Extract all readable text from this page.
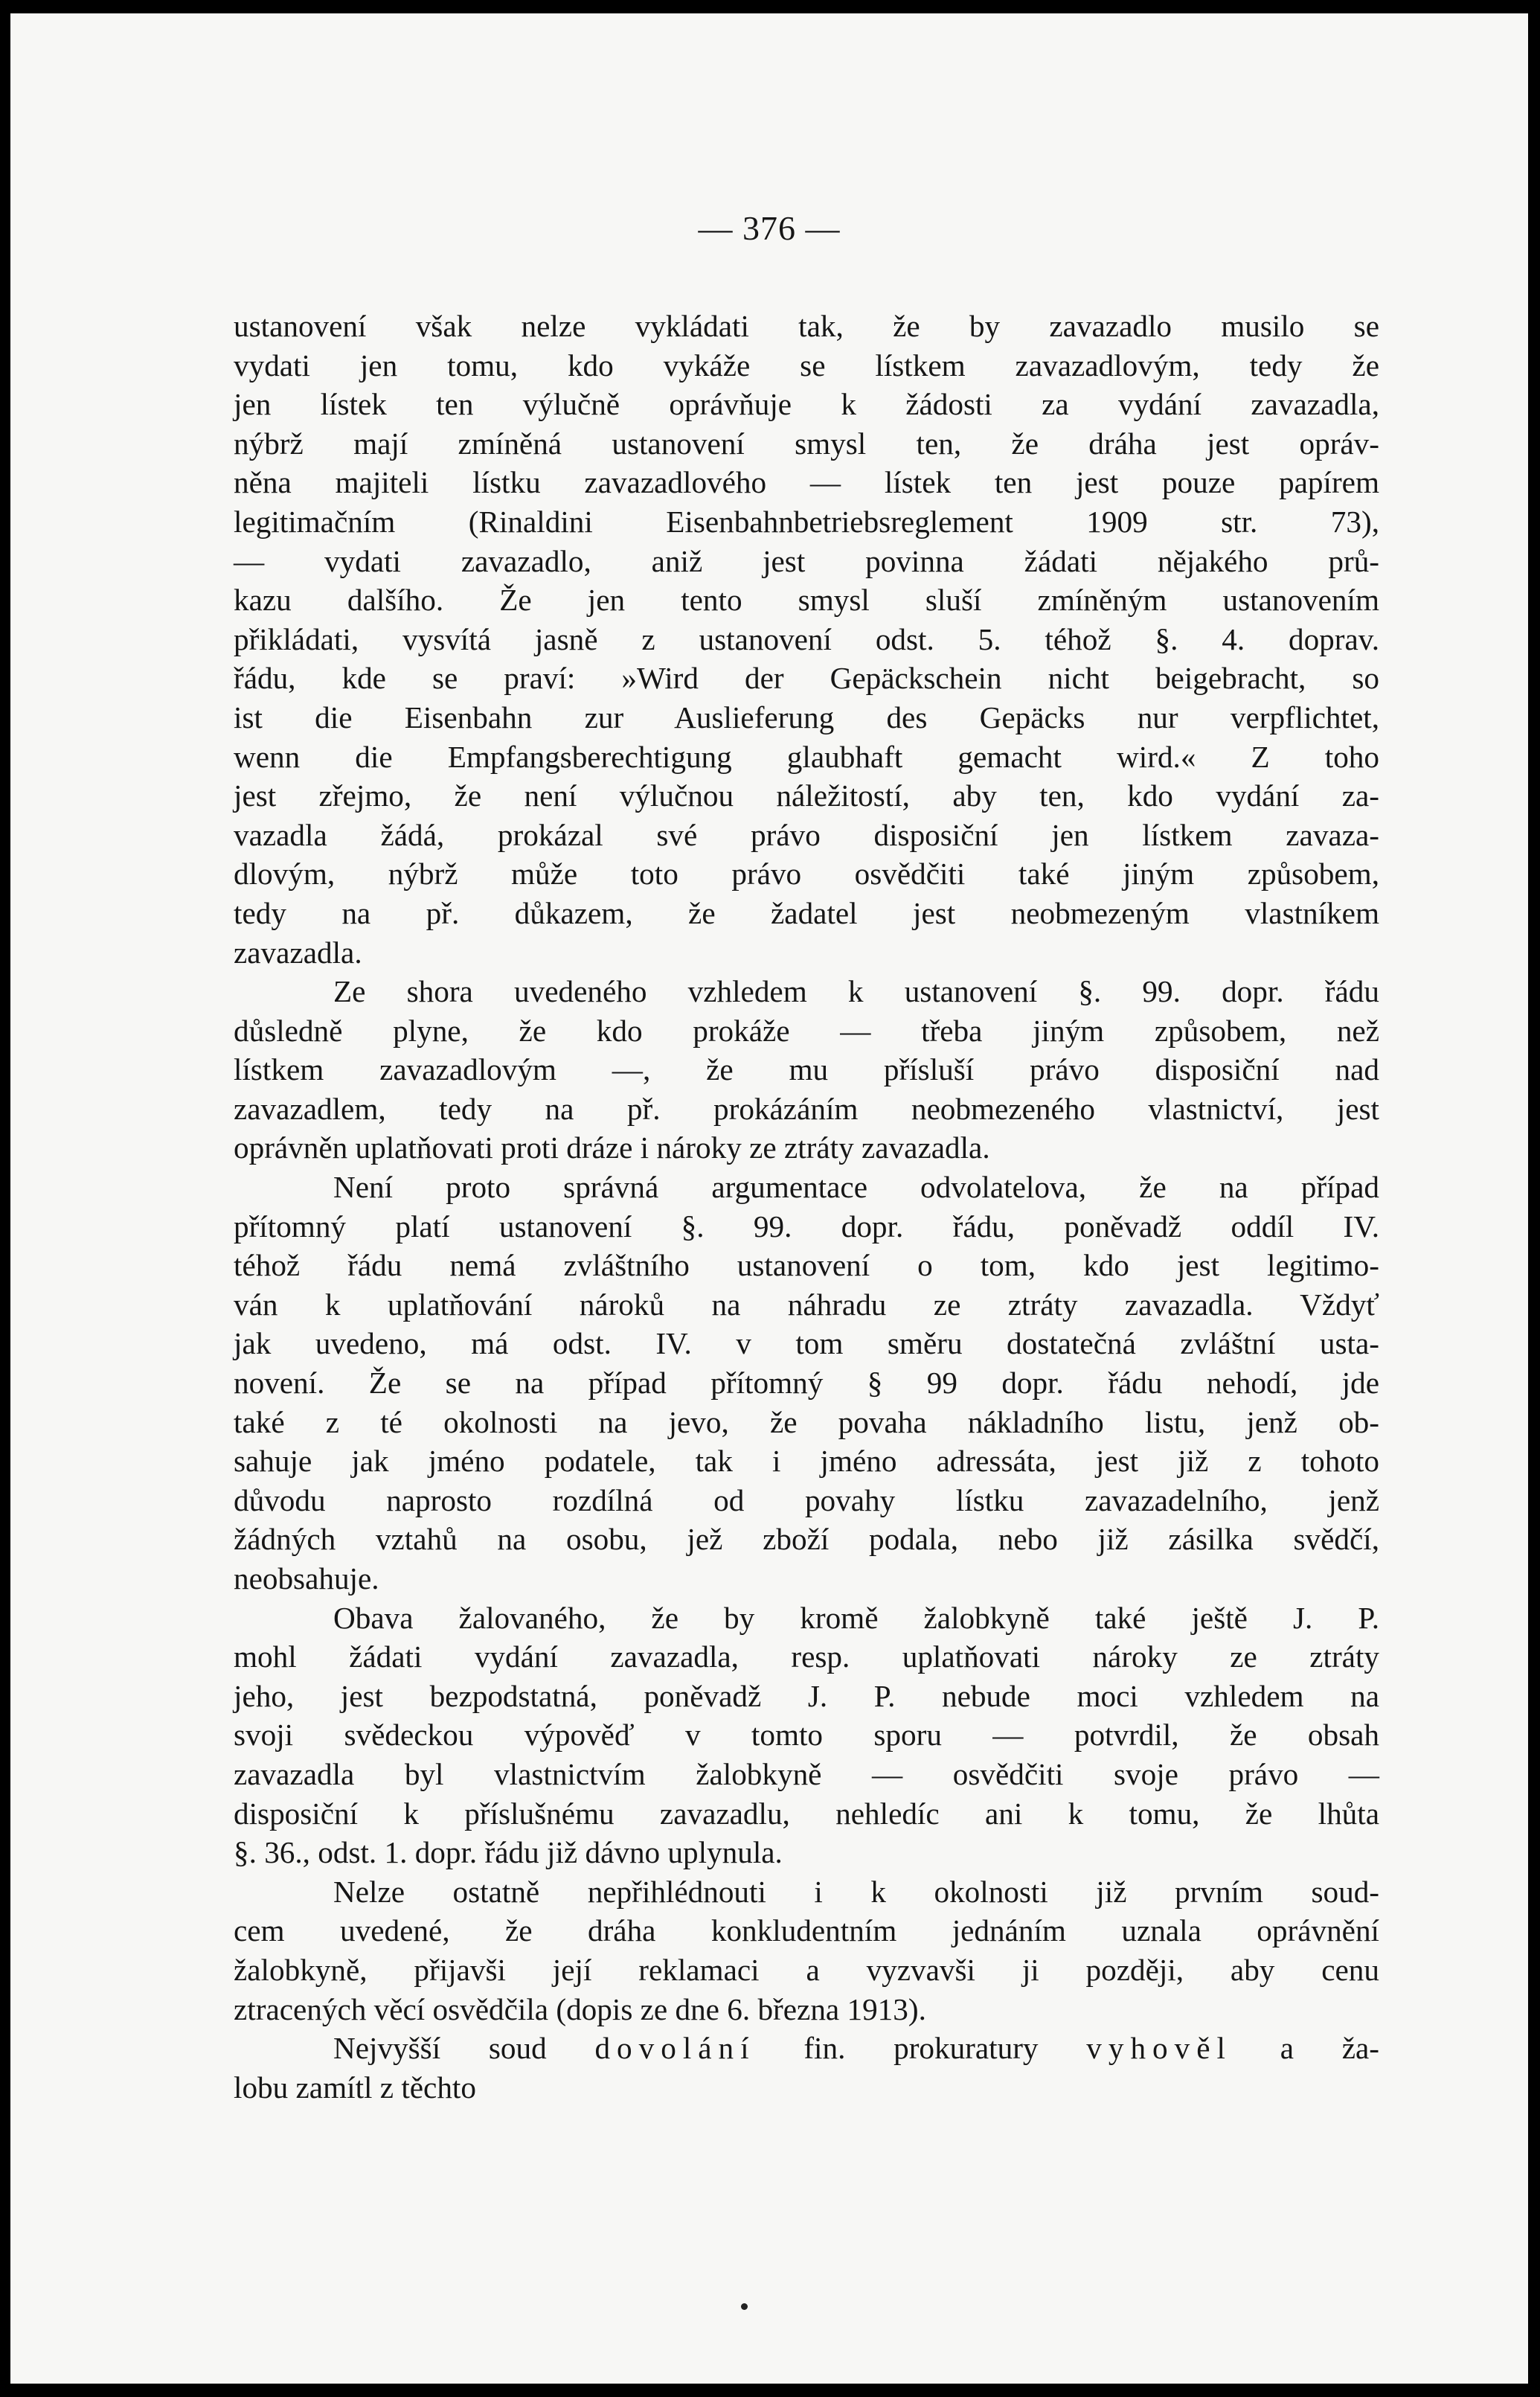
— 376 —

ustanovení však nelze vykládati tak, že by zavazadlo musilo se
vydati jen tomu, kdo vykáže se lístkem zavazadlovým, tedy že
jen lístek ten výlučně oprávňuje k žádosti za vydání zavazadla,
nýbrž mají zmíněná ustanovení smysl ten, že dráha jest opráv-
něna majiteli lístku zavazadlového — lístek ten jest pouze papírem
legitimačním (Rinaldini Eisenbahnbetriebsreglement 1909 str. 73),
— vydati zavazadlo, aniž jest povinna žádati nějakého prů-
kazu dalšího. Že jen tento smysl sluší zmíněným ustanovením
přikládati, vysvítá jasně z ustanovení odst. 5. téhož §. 4. doprav.
řádu, kde se praví: »Wird der Gepäckschein nicht beigebracht, so
ist die Eisenbahn zur Auslieferung des Gepäcks nur verpflichtet,
wenn die Empfangsberechtigung glaubhaft gemacht wird.« Z toho
jest zřejmo, že není výlučnou náležitostí, aby ten, kdo vydání za-
vazadla žádá, prokázal své právo disposiční jen lístkem zavaza-
dlovým, nýbrž může toto právo osvědčiti také jiným způsobem,
tedy na př. důkazem, že žadatel jest neobmezeným vlastníkem
zavazadla.

Ze shora uvedeného vzhledem k ustanovení §. 99. dopr. řádu
důsledně plyne, že kdo prokáže — třeba jiným způsobem, než
lístkem zavazadlovým —, že mu přísluší právo disposiční nad
zavazadlem, tedy na př. prokázáním neobmezeného vlastnictví, jest
oprávněn uplatňovati proti dráze i nároky ze ztráty zavazadla.

Není proto správná argumentace odvolatelova, že na případ
přítomný platí ustanovení §. 99. dopr. řádu, poněvadž oddíl IV.
téhož řádu nemá zvláštního ustanovení o tom, kdo jest legitimo-
ván k uplatňování nároků na náhradu ze ztráty zavazadla. Vždyť
jak uvedeno, má odst. IV. v tom směru dostatečná zvláštní usta-
novení. Že se na případ přítomný § 99 dopr. řádu nehodí, jde
také z té okolnosti na jevo, že povaha nákladního listu, jenž ob-
sahuje jak jméno podatele, tak i jméno adressáta, jest již z tohoto
důvodu naprosto rozdílná od povahy lístku zavazadelního, jenž
žádných vztahů na osobu, jež zboží podala, nebo již zásilka svědčí,
neobsahuje.

Obava žalovaného, že by kromě žalobkyně také ještě J. P.
mohl žádati vydání zavazadla, resp. uplatňovati nároky ze ztráty
jeho, jest bezpodstatná, poněvadž J. P. nebude moci vzhledem na
svoji svědeckou výpověď v tomto sporu — potvrdil, že obsah
zavazadla byl vlastnictvím žalobkyně — osvědčiti svoje právo —
disposiční k příslušnému zavazadlu, nehledíc ani k tomu, že lhůta
§. 36., odst. 1. dopr. řádu již dávno uplynula.

Nelze ostatně nepřihlédnouti i k okolnosti již prvním soud-
cem uvedené, že dráha konkludentním jednáním uznala oprávnění
žalobkyně, přijavši její reklamaci a vyzvavši ji později, aby cenu
ztracených věcí osvědčila (dopis ze dne 6. března 1913).

Nejvyšší soud dovolání fin. prokuratury vyhověl a ža-
lobu zamítl z těchto
